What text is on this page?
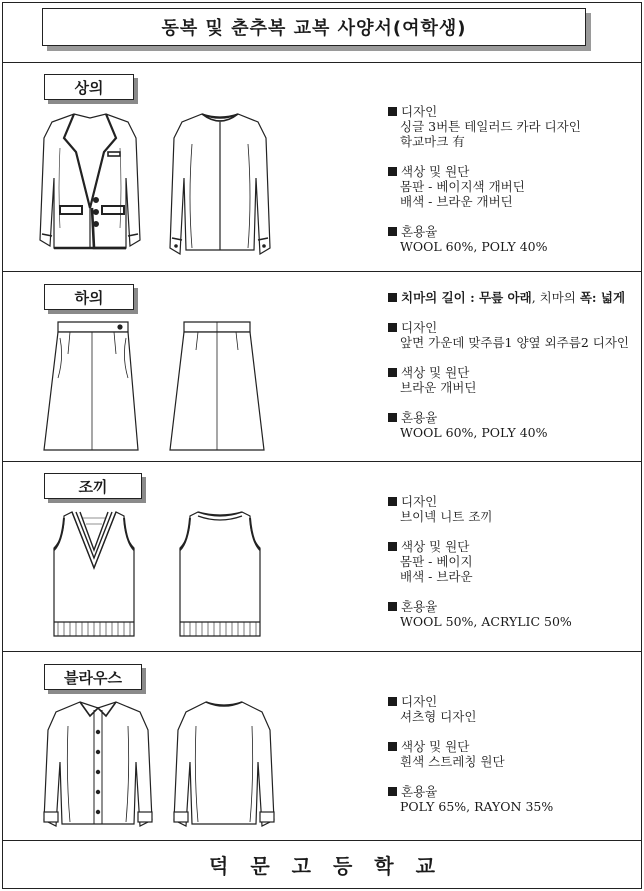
동복 및 춘추복 교복 사양서(여학생)
상의
디자인
싱글 3버튼 테일러드 카라 디자인
학교마크 有
색상 및 원단
몸판 - 베이지색 개버딘
배색 - 브라운 개버딘
혼용율
WOOL 60%, POLY 40%
하의	치마의 길이 : 무릎 아래 , 치마의 폭: 넓게
디자인
앞면 가운데 맞주름1 양옆 외주름2 디자인
색상 및 원단
브라운 개버딘
혼용율
WOOL 60%, POLY 40%
조끼
디자인
브이넥 니트 조끼
색상 및 원단
몸판 - 베이지
배색 - 브라운
혼용율
WOOL 50%, ACRYLIC 50%
블라우스
디자인
셔츠형 디자인
색상 및 원단
흰색 스트레칭 원단
혼용율
POLY 65%, RAYON 35%
덕문고등학교
